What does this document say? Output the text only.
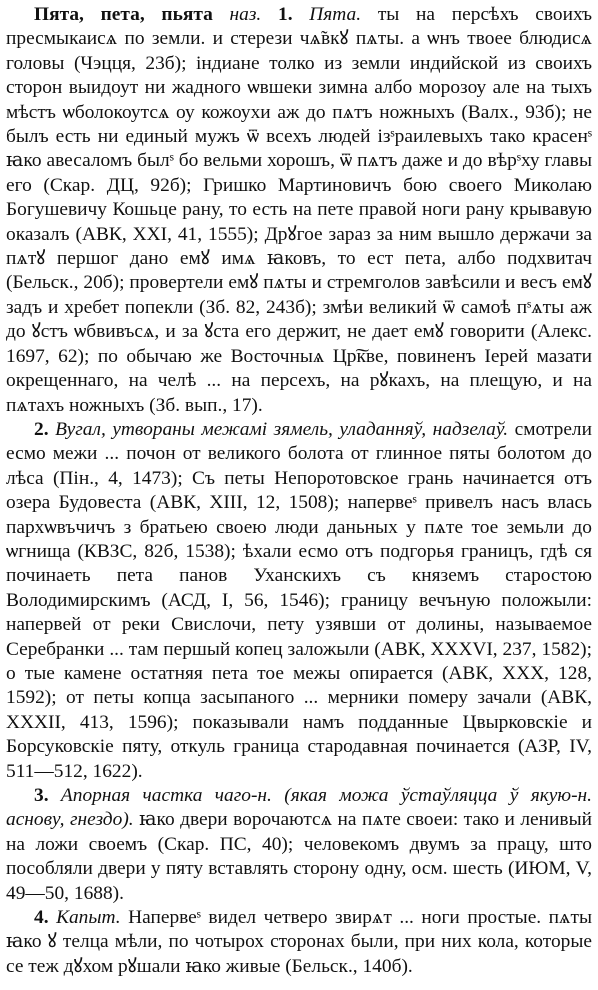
Пята, пета, пьята наз. 1. Пята. ты на персѣхъ своихъ пресмыкаисѧ по земли. и стерези чѧ̃вкꙋ пѧты. а ѡнъ твоее блюдисѧ головы (Чэцця, 23б); індиане толко из земли индийской из своихъ сторон выидоут ни жадного ѡвшеки зимна албо морозоу але на тыхъ мѣстъ ѡболокоутсѧ оу кожоухи аж до пѧтъ ножныхъ (Валх., 93б); не былъ есть ни единый мужъ ѿ всехъ людей ізˢраилевыхъ тако красенˢ ꙗко авесаломъ былˢ бо вельми хорошъ, ѿ пѧтъ даже и до вѣрˢху главы его (Скар. ДЦ, 92б); Гришко Мартиновичъ бою своего Миколаю Богушевичу Кошьце рану, то есть на пете правой ноги рану крывавую оказалъ (АВК, XXI, 41, 1555); Дрꙋгое зараз за ним вышло держачи за пѧтꙋ першог дано емꙋ имѧ ꙗковъ, то ест пета, албо подхвитач (Бельск., 20б); провертели емꙋ пѧты и стремголов завѣсили и весъ емꙋ задъ и хребет попекли (Зб. 82, 243б); змѣи великий ѿ самоѣ пˢѧты аж до ꙋстъ ѡбвивъсѧ, и за ꙋста его держит, не дает емꙋ говорити (Алекс. 1697, 62); по обычаю же Восточныѧ Цр͠кве, повиненъ Іерей мазати окрещеннаго, на челѣ ... на персехъ, на рꙋкахъ, на плещую, и на пѧтахъ ножныхъ (Зб. вып., 17).

2. Вугал, утвораны межамі зямель, уладанняў, надзелаў. смотрели есмо межи ... почон от великого болота от глинное пяты болотом до лѣса (Пін., 4, 1473); Съ петы Непоротовское грань начинается отъ озера Будовеста (АВК, XIII, 12, 1508); напервеˢ привелъ насъ влась пархѡвъчичъ з братьею своею люди даньных у пѧте тое земьли до ѡгнища (КВЗС, 82б, 1538); ѣхали есмо отъ подгорья границъ, гдѣ ся починаеть пета панов Уханскихъ съ княземъ старостою Володимирскимъ (АСД, I, 56, 1546); границу вечъную положыли: напервей от реки Свислочи, пету узявши от долины, называемое Серебранки ... там першый копец заложыли (АВК, XXXVI, 237, 1582); о тые камене остатняя пета тое межы опирается (АВК, XXX, 128, 1592); от петы копца засыпаного ... мерники померу зачали (АВК, XXXII, 413, 1596); показывали намъ подданные Цвырковскіе и Борсуковскіе пяту, откуль граница стародавная починается (АЗР, IV, 511—512, 1622).

3. Апорная частка чаго-н. (якая можа ўстаўляцца ў якую-н. аснову, гнездо). ꙗко двери ворочаютсѧ на пѧте своеи: тако и ленивый на ложи своемъ (Скар. ПС, 40); человекомъ двумъ за працу, што пособляли двери у пяту вставлять сторону одну, осм. шесть (ИЮМ, V, 49—50, 1688).

4. Капыт. Напервеˢ видел четверо звирѧт ... ноги простые. пѧты ꙗко ꙋ телца мѣли, по чотырох сторонах были, при них кола, которые се теж дꙋхом рꙋшали ꙗко живые (Бельск., 140б).
